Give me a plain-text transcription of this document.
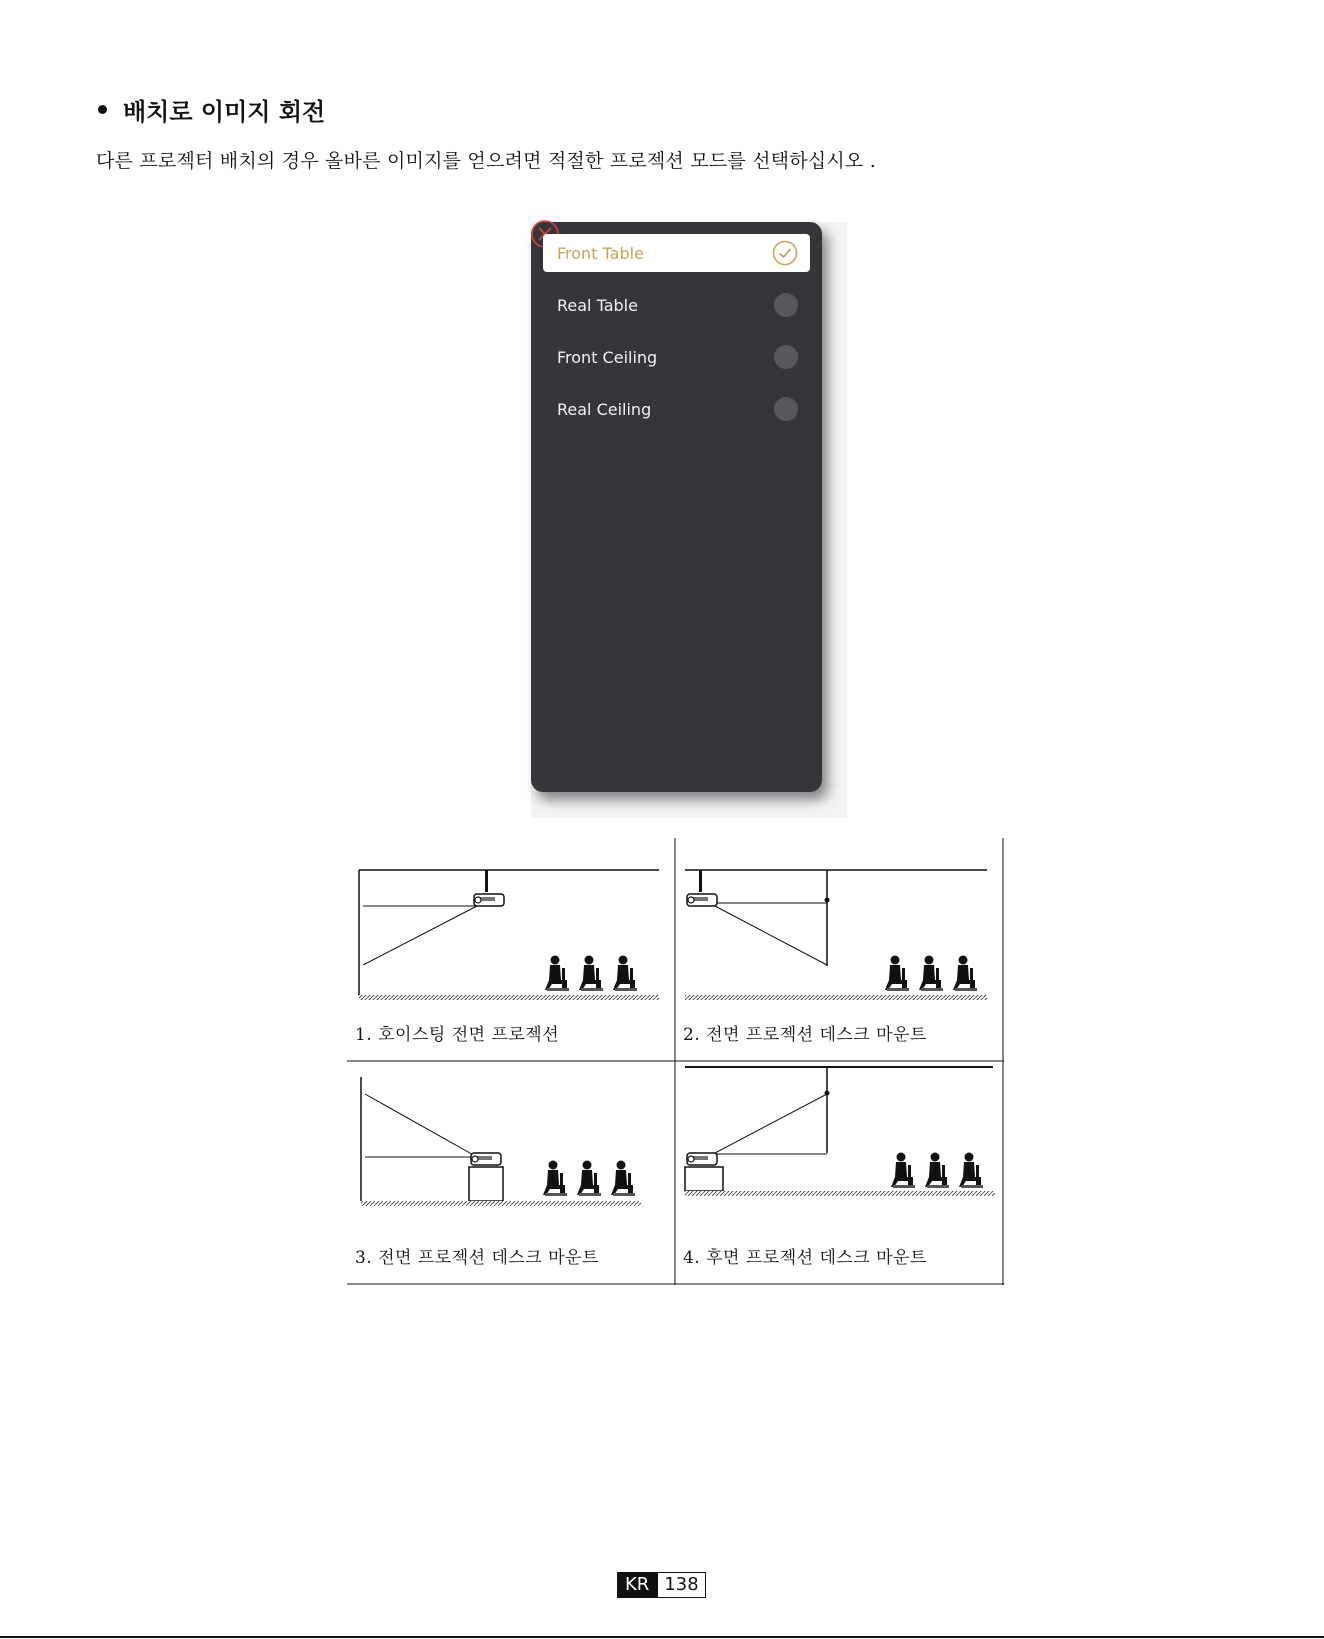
배치로 이미지 회전

다른 프로젝터 배치의 경우 올바른 이미지를 얻으려면 적절한 프로젝션 모드를 선택하십시오 .

Front Table
Real Table
Front Ceiling
Real Ceiling
1. 호이스팅 전면 프로젝션	2. 전면 프로젝션 데스크 마운트
3. 전면 프로젝션 데스크 마운트	4. 후면 프로젝션 데스크 마운트
KR 138
